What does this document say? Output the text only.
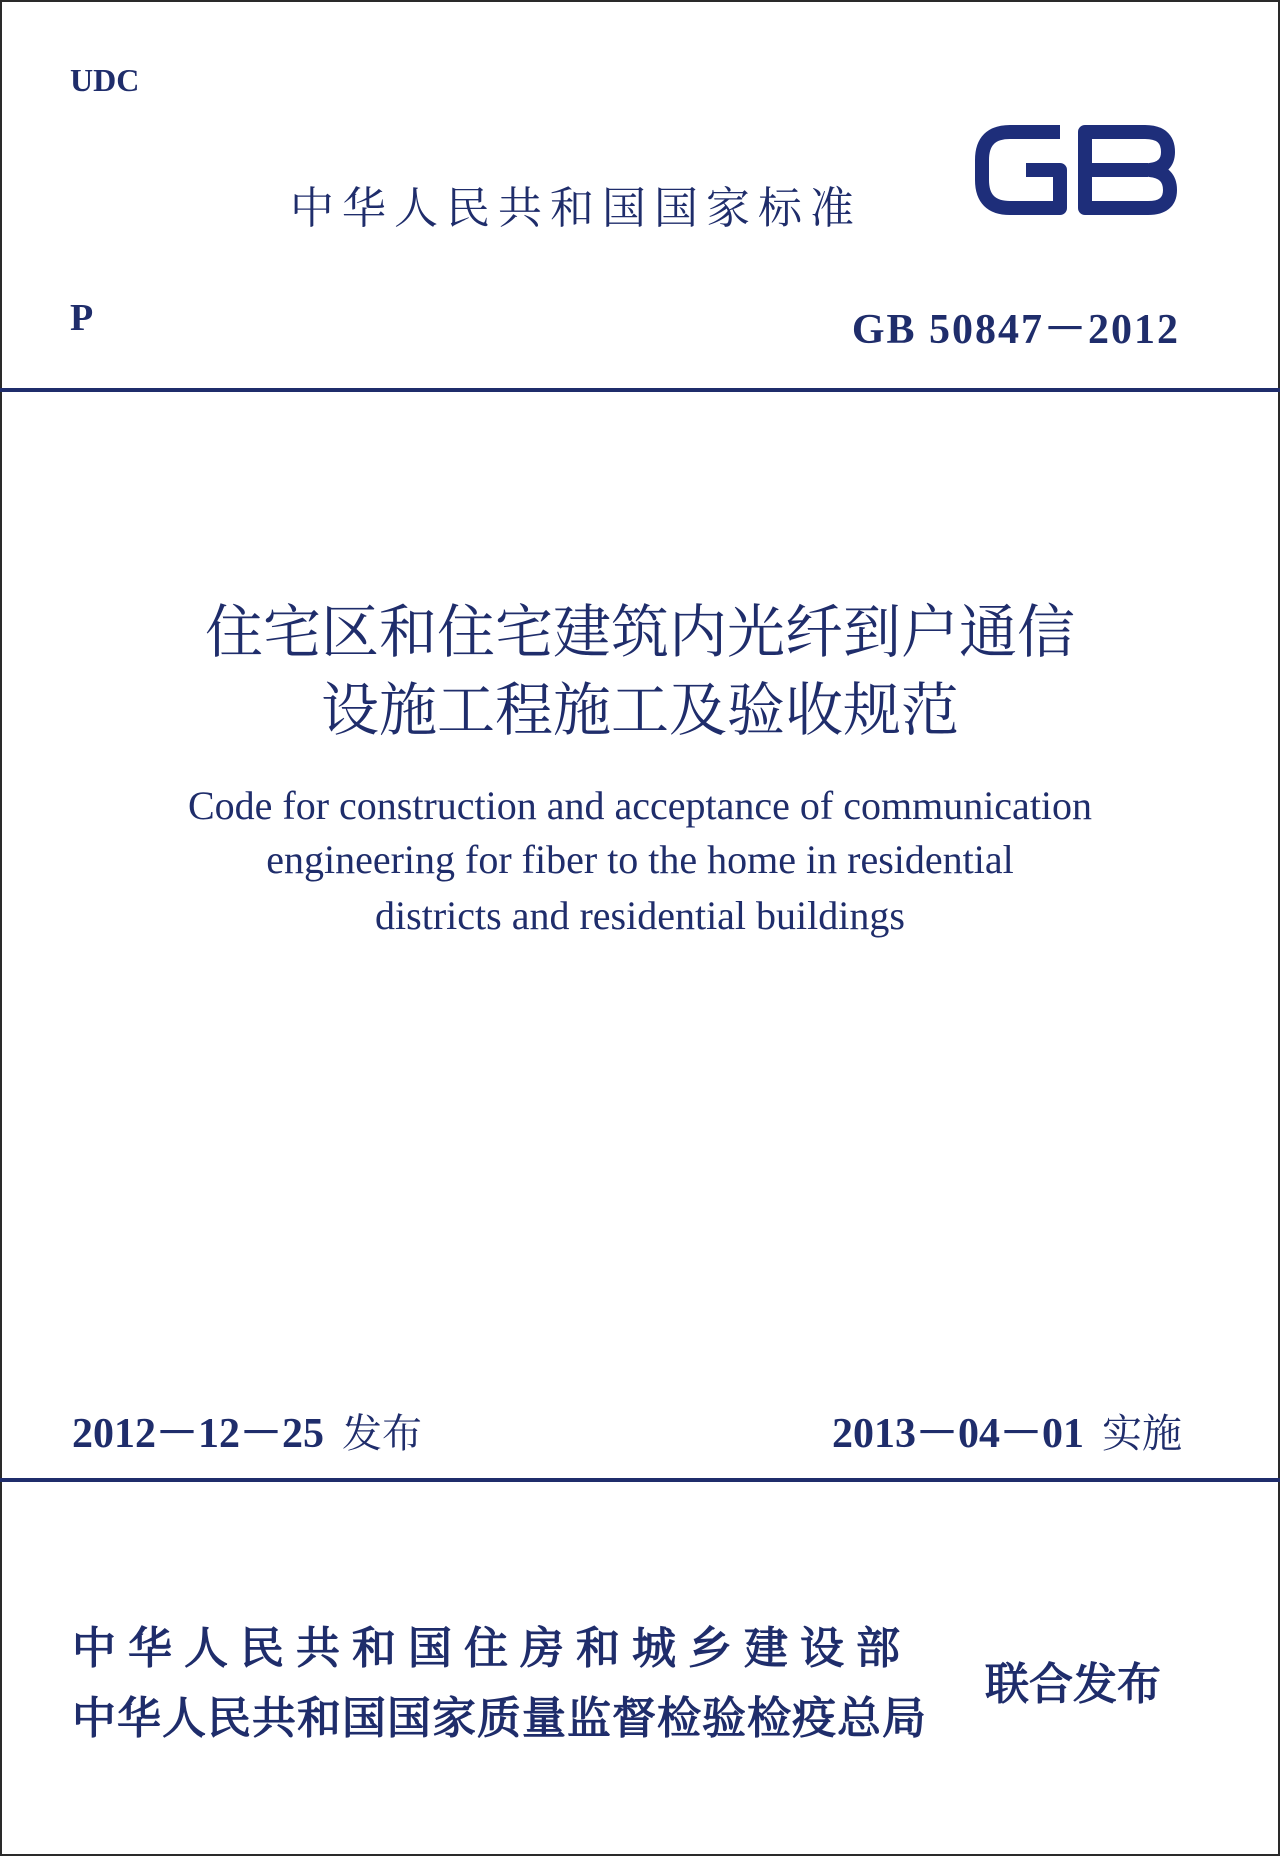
UDC
中华人民共和国国家标准
GB
P	GB 50847－2012
住宅区和住宅建筑内光纤到户通信
设施工程施工及验收规范
Code for construction and acceptance of communication
engineering for fiber to the home in residential
districts and residential buildings
2012－12－25 发布	2013－04－01 实施
中华人民共和国住房和城乡建设部
中华人民共和国国家质量监督检验检疫总局
联合发布
